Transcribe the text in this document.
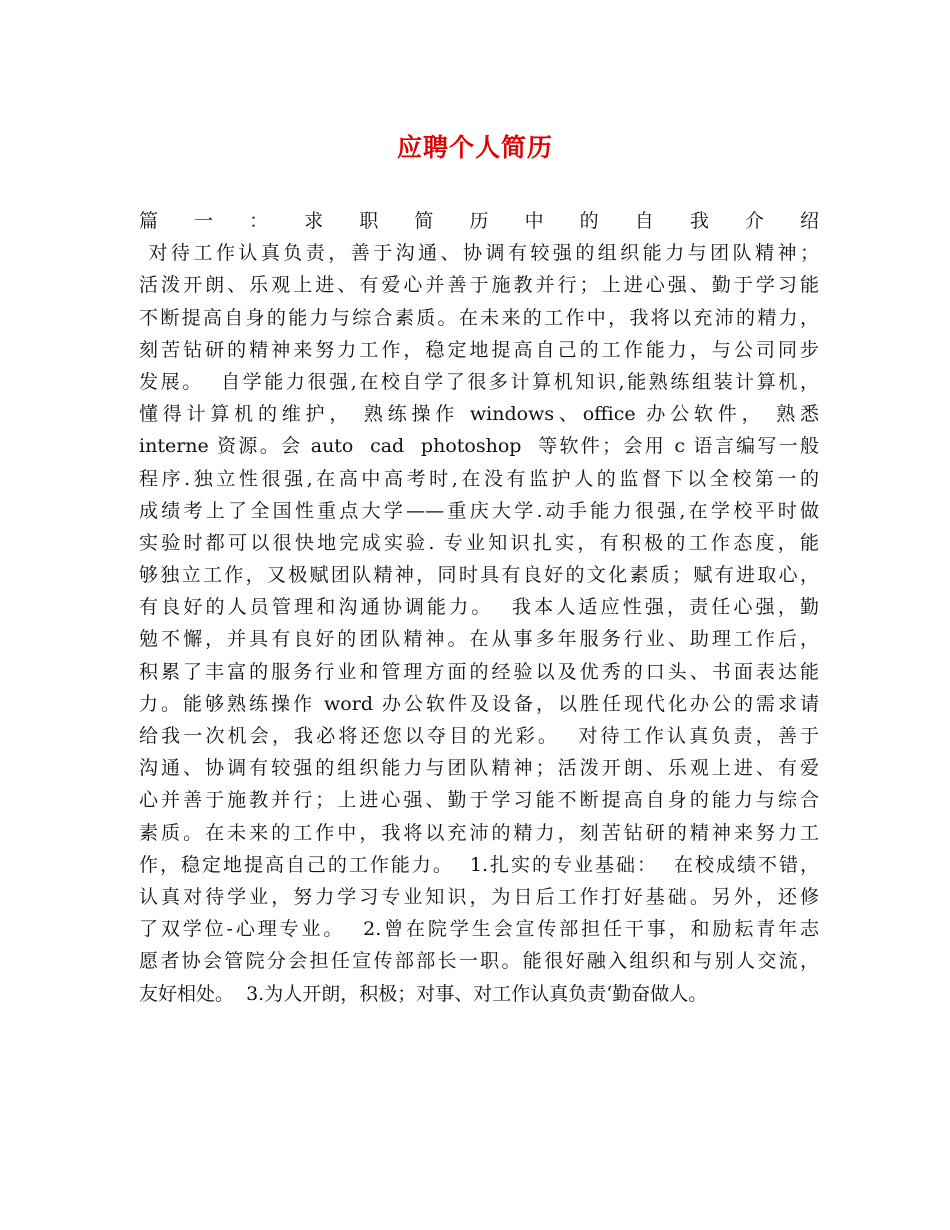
应聘个人简历
篇一：求职简历中的自我介绍
对待工作认真负责，善于沟通、协调有较强的组织能力与团队精神；
活泼开朗、乐观上进、有爱心并善于施教并行；上进心强、勤于学习能
不断提高自身的能力与综合素质。在未来的工作中，我将以充沛的精力，
刻苦钻研的精神来努力工作，稳定地提高自己的工作能力，与公司同步
发展。  自学能力很强,在校自学了很多计算机知识,能熟练组装计算机，
懂得计算机的维护， 熟练操作 windows、office 办公软件， 熟悉
interne 资源。会 auto  cad  photoshop  等软件；会用 c 语言编写一般
程序.独立性很强,在高中高考时,在没有监护人的监督下以全校第一的
成绩考上了全国性重点大学——重庆大学.动手能力很强,在学校平时做
实验时都可以很快地完成实验. 专业知识扎实，有积极的工作态度，能
够独立工作，又极赋团队精神，同时具有良好的文化素质；赋有进取心，
有良好的人员管理和沟通协调能力。  我本人适应性强，责任心强，勤
勉不懈，并具有良好的团队精神。在从事多年服务行业、助理工作后，
积累了丰富的服务行业和管理方面的经验以及优秀的口头、书面表达能
力。能够熟练操作 word 办公软件及设备，以胜任现代化办公的需求请
给我一次机会，我必将还您以夺目的光彩。  对待工作认真负责，善于
沟通、协调有较强的组织能力与团队精神；活泼开朗、乐观上进、有爱
心并善于施教并行；上进心强、勤于学习能不断提高自身的能力与综合
素质。在未来的工作中，我将以充沛的精力，刻苦钻研的精神来努力工
作，稳定地提高自己的工作能力。  1.扎实的专业基础：  在校成绩不错，
认真对待学业，努力学习专业知识，为日后工作打好基础。另外，还修
了双学位-心理专业。  2.曾在院学生会宣传部担任干事，和励耘青年志
愿者协会管院分会担任宣传部部长一职。能很好融入组织和与别人交流，
友好相处。  3.为人开朗，积极；对事、对工作认真负责‘勤奋做人。
